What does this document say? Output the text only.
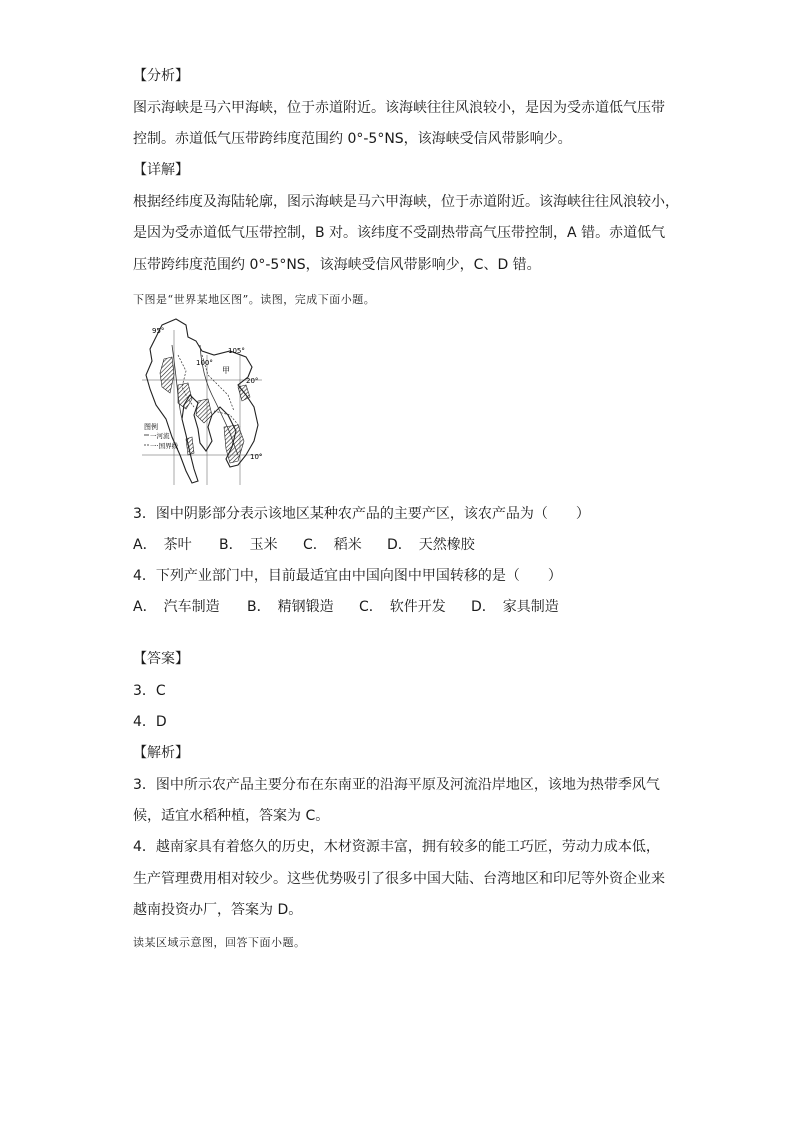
【分析】
图示海峡是马六甲海峡，位于赤道附近。该海峡往往风浪较小，是因为受赤道低气压带
控制。赤道低气压带跨纬度范围约 0°-5°NS，该海峡受信风带影响少。
【详解】
根据经纬度及海陆轮廓，图示海峡是马六甲海峡，位于赤道附近。该海峡往往风浪较小，
是因为受赤道低气压带控制，B 对。该纬度不受副热带高气压带控制，A 错。赤道低气
压带跨纬度范围约 0°-5°NS，该海峡受信风带影响少，C、D 错。
下图是“世界某地区图”。读图，完成下面小题。
95°
100°
105°
20°
10°
甲
图例
一河流
一·国界线
3．图中阴影部分表示该地区某种农产品的主要产区，该农产品为（　　）
A．　茶叶 B．　玉米 C．　稻米 D．　天然橡胶
4．下列产业部门中，目前最适宜由中国向图中甲国转移的是（　　）
A．　汽车制造 B．　精钢锻造 C．　软件开发 D．　家具制造
【答案】
3．C
4．D
【解析】
3．图中所示农产品主要分布在东南亚的沿海平原及河流沿岸地区，该地为热带季风气
候，适宜水稻种植，答案为 C。
4．越南家具有着悠久的历史，木材资源丰富，拥有较多的能工巧匠，劳动力成本低，
生产管理费用相对较少。这些优势吸引了很多中国大陆、台湾地区和印尼等外资企业来
越南投资办厂，答案为 D。
读某区域示意图，回答下面小题。
